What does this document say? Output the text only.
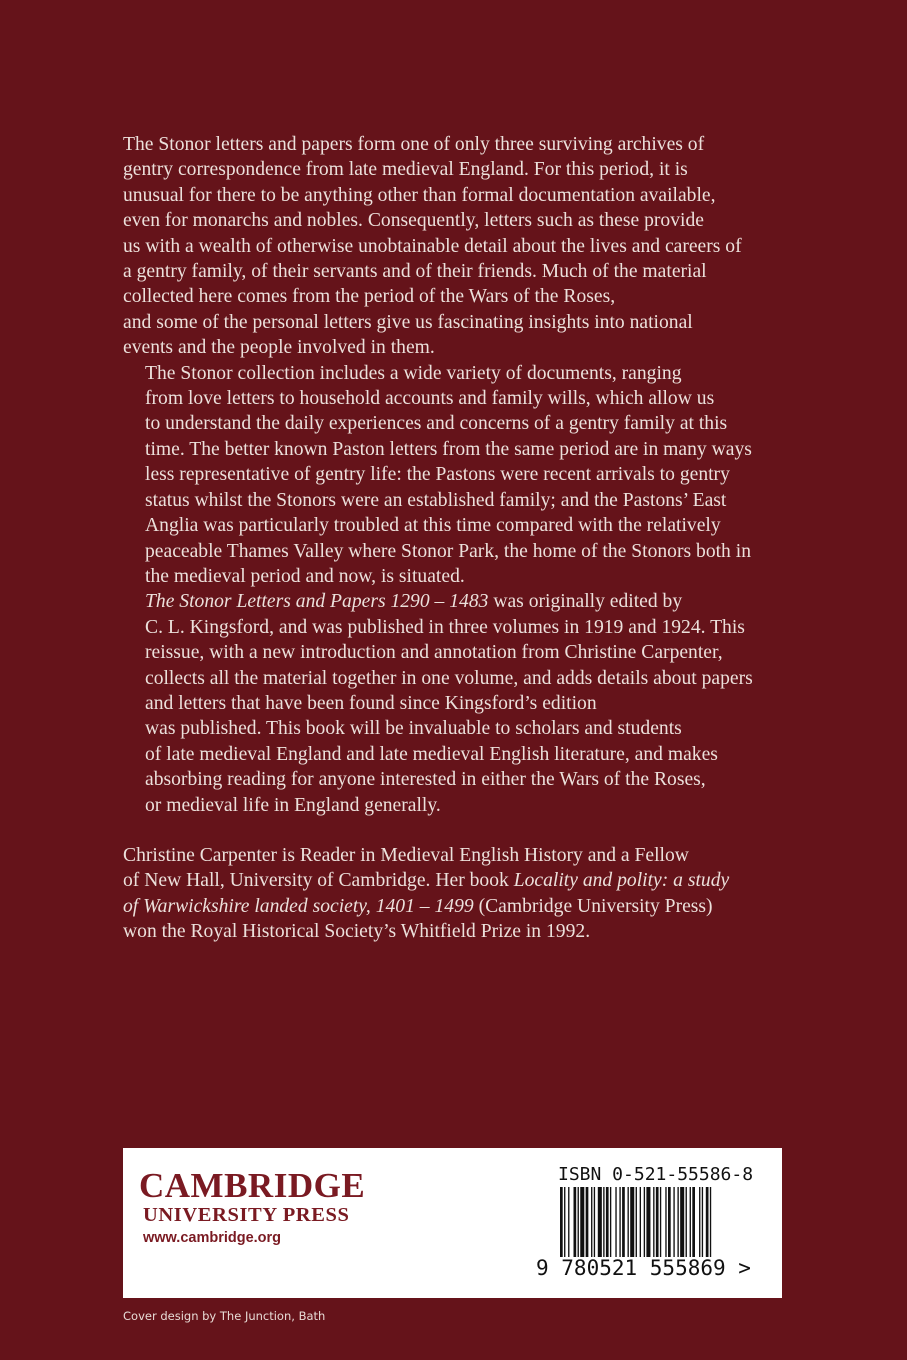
The Stonor letters and papers form one of only three surviving archives of
gentry correspondence from late medieval England. For this period, it is
unusual for there to be anything other than formal documentation available,
even for monarchs and nobles. Consequently, letters such as these provide
us with a wealth of otherwise unobtainable detail about the lives and careers of
a gentry family, of their servants and of their friends. Much of the material
collected here comes from the period of the Wars of the Roses,
and some of the personal letters give us fascinating insights into national
events and the people involved in them.

The Stonor collection includes a wide variety of documents, ranging
from love letters to household accounts and family wills, which allow us
to understand the daily experiences and concerns of a gentry family at this
time. The better known Paston letters from the same period are in many ways
less representative of gentry life: the Pastons were recent arrivals to gentry
status whilst the Stonors were an established family; and the Pastons’ East
Anglia was particularly troubled at this time compared with the relatively
peaceable Thames Valley where Stonor Park, the home of the Stonors both in
the medieval period and now, is situated.

The Stonor Letters and Papers 1290 – 1483 was originally edited by
C. L. Kingsford, and was published in three volumes in 1919 and 1924. This
reissue, with a new introduction and annotation from Christine Carpenter,
collects all the material together in one volume, and adds details about papers
and letters that have been found since Kingsford’s edition
was published. This book will be invaluable to scholars and students
of late medieval England and late medieval English literature, and makes
absorbing reading for anyone interested in either the Wars of the Roses,
or medieval life in England generally.

Christine Carpenter is Reader in Medieval English History and a Fellow
of New Hall, University of Cambridge. Her book Locality and polity: a study
of Warwickshire landed society, 1401 – 1499 (Cambridge University Press)
won the Royal Historical Society’s Whitfield Prize in 1992.

CAMBRIDGE
UNIVERSITY PRESS
www.cambridge.org
ISBN 0-521-55586-8
9 780521 555869 >
Cover design by The Junction, Bath
